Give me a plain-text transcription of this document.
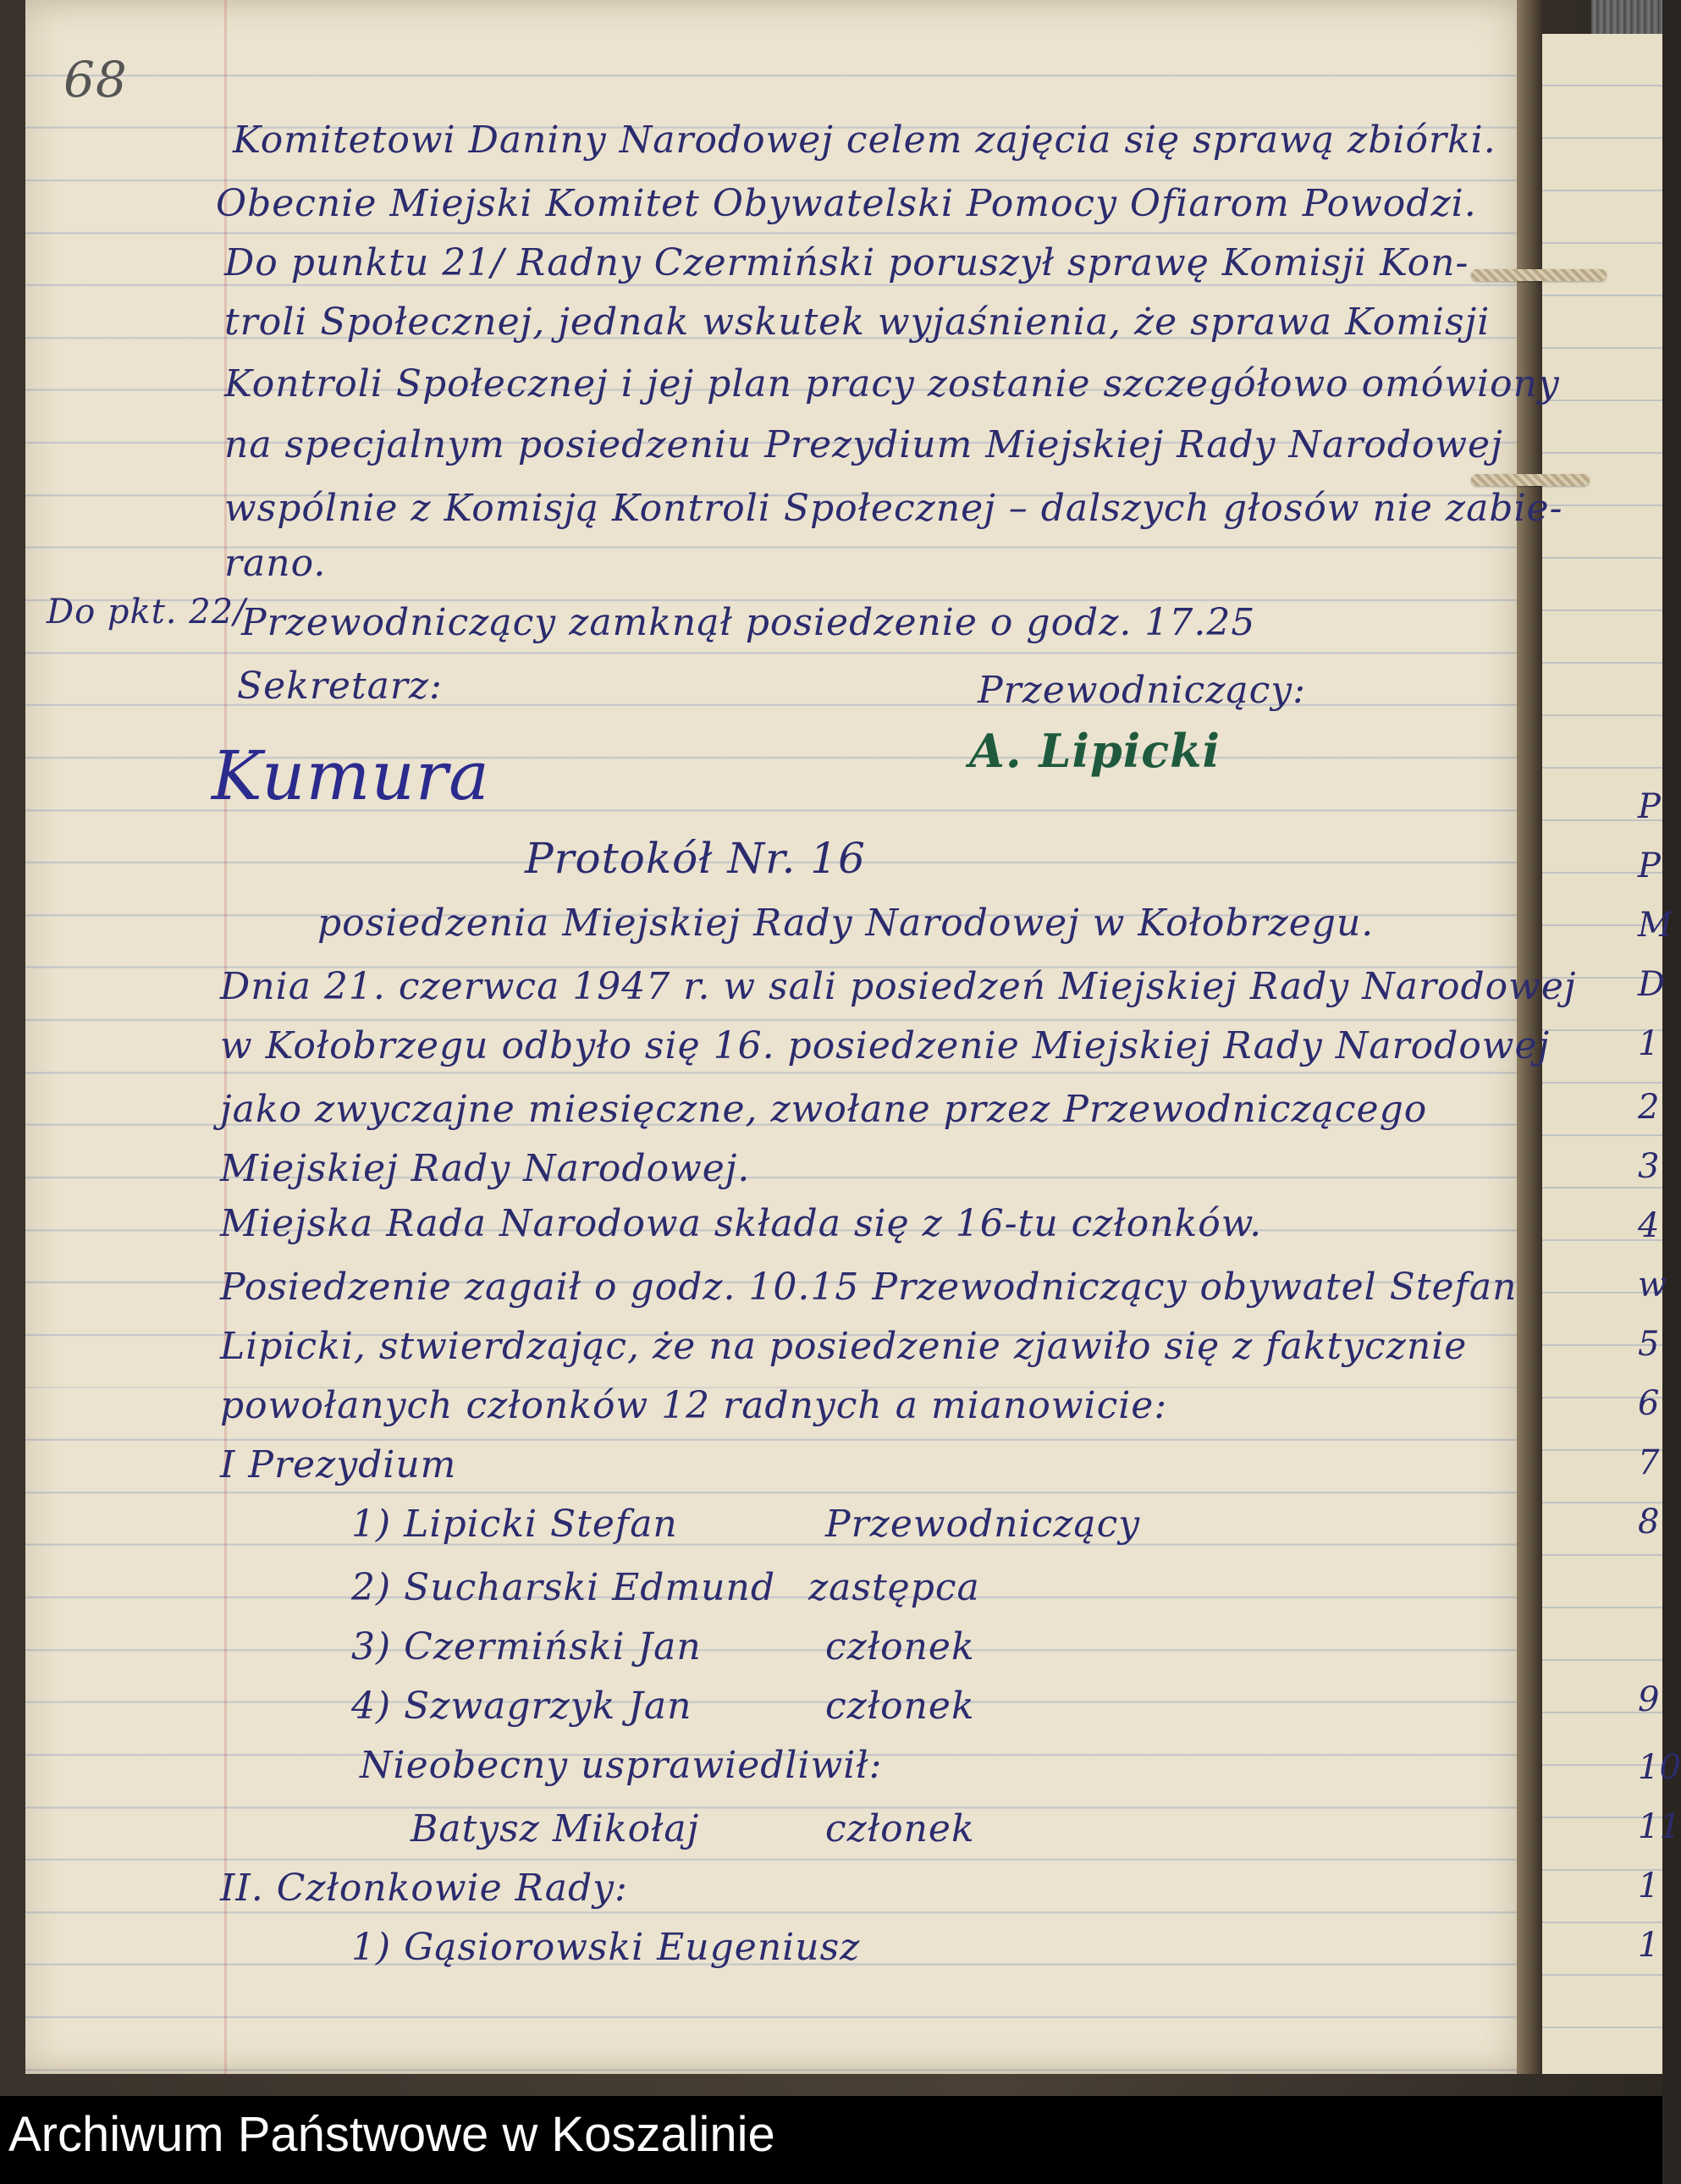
68
Komitetowi Daniny Narodowej celem zajęcia się sprawą zbiórki.
Obecnie Miejski Komitet Obywatelski Pomocy Ofiarom Powodzi.
Do punktu 21/ Radny Czermiński poruszył sprawę Komisji Kon-
troli Społecznej, jednak wskutek wyjaśnienia, że sprawa Komisji
Kontroli Społecznej i jej plan pracy zostanie szczegółowo omówiony
na specjalnym posiedzeniu Prezydium Miejskiej Rady Narodowej
wspólnie z Komisją Kontroli Społecznej – dalszych głosów nie zabie-
rano.
Do pkt. 22/
Przewodniczący zamknął posiedzenie o godz. 17.25
Sekretarz:	Przewodniczący:
Kumura	A. Lipicki
Protokół Nr. 16
posiedzenia Miejskiej Rady Narodowej w Kołobrzegu.
Dnia 21. czerwca 1947 r. w sali posiedzeń Miejskiej Rady Narodowej
w Kołobrzegu odbyło się 16. posiedzenie Miejskiej Rady Narodowej
jako zwyczajne miesięczne, zwołane przez Przewodniczącego
Miejskiej Rady Narodowej.
Miejska Rada Narodowa składa się z 16-tu członków.
Posiedzenie zagaił o godz. 10.15 Przewodniczący obywatel Stefan
Lipicki, stwierdzając, że na posiedzenie zjawiło się z faktycznie
powołanych członków 12 radnych a mianowicie:
I Prezydium
1) Lipicki Stefan	Przewodniczący
2) Sucharski Edmund zastępca
3) Czermiński Jan	członek
4) Szwagrzyk Jan	członek
Nieobecny usprawiedliwił:
Batysz Mikołaj	członek
II. Członkowie Rady:
1) Gąsiorowski Eugeniusz
P
P
M
D
1
2
3
4
w
5
6
7
8
9
10
11
1
1
Archiwum Państwowe w Koszalinie
